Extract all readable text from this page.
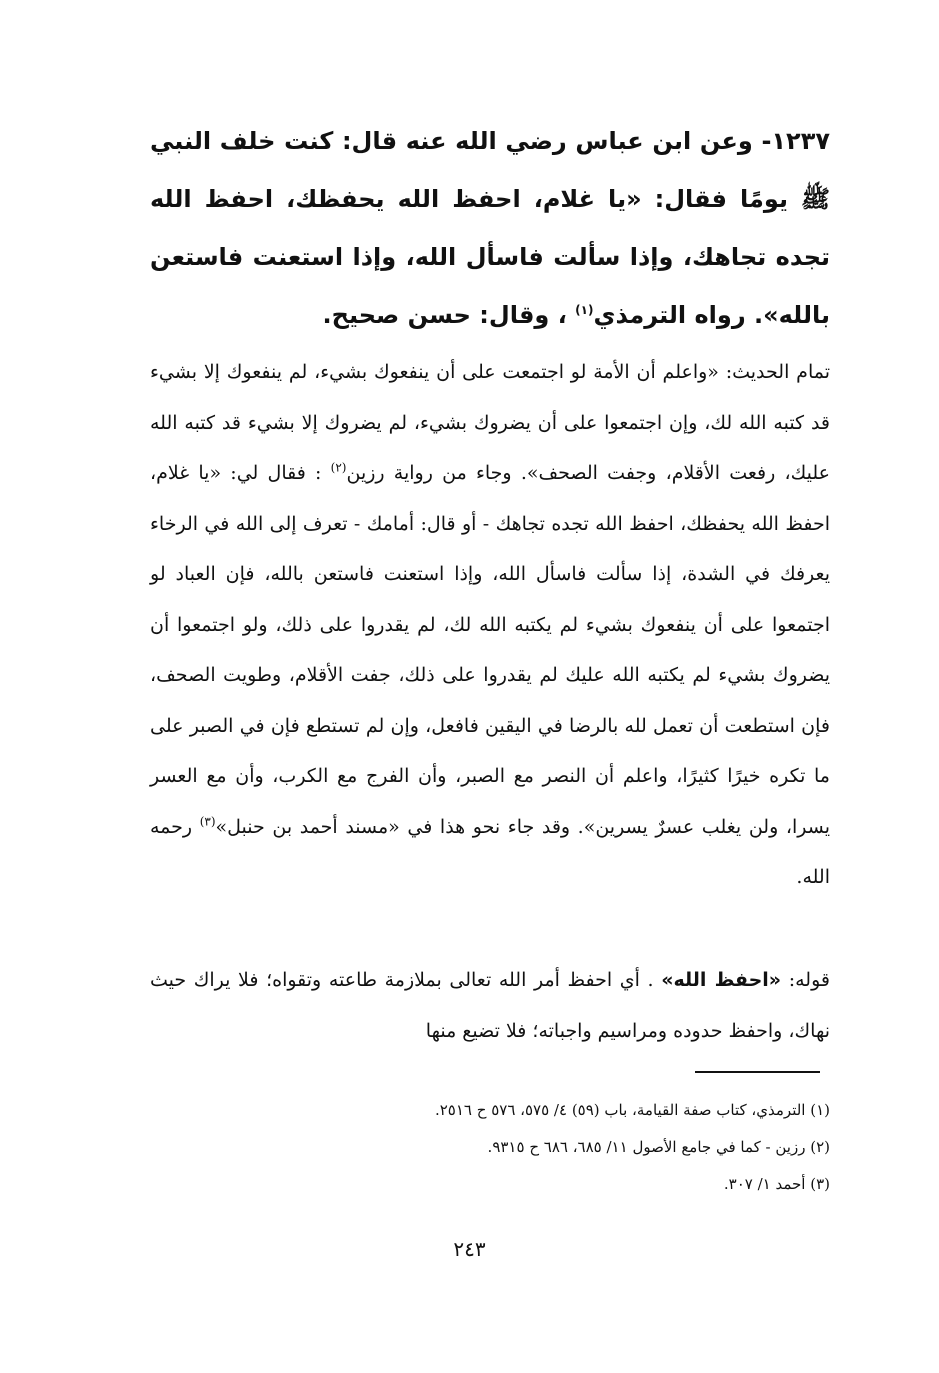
١٢٣٧- وعن ابن عباس رضي الله عنه قال: كنت خلف النبي ﷺ يومًا فقال: «يا غلام، احفظ الله يحفظك، احفظ الله تجده تجاهك، وإذا سألت فاسأل الله، وإذا استعنت فاستعن بالله». رواه الترمذي$^{(١)}$ ، وقال: حسن صحيح.

تمام الحديث: «واعلم أن الأمة لو اجتمعت على أن ينفعوك بشيء، لم ينفعوك إلا بشيء قد كتبه الله لك، وإن اجتمعوا على أن يضروك بشيء، لم يضروك إلا بشيء قد كتبه الله عليك، رفعت الأقلام، وجفت الصحف». وجاء من رواية رزين$^{(٢)}$ : فقال لي: «يا غلام، احفظ الله يحفظك، احفظ الله تجده تجاهك - أو قال: أمامك - تعرف إلى الله في الرخاء يعرفك في الشدة، إذا سألت فاسأل الله، وإذا استعنت فاستعن بالله، فإن العباد لو اجتمعوا على أن ينفعوك بشيء لم يكتبه الله لك، لم يقدروا على ذلك، ولو اجتمعوا أن يضروك بشيء لم يكتبه الله عليك لم يقدروا على ذلك، جفت الأقلام، وطويت الصحف، فإن استطعت أن تعمل لله بالرضا في اليقين فافعل، وإن لم تستطع فإن في الصبر على ما تكره خيرًا كثيرًا، واعلم أن النصر مع الصبر، وأن الفرج مع الكرب، وأن مع العسر يسرا، ولن يغلب عسرٌ يسرين». وقد جاء نحو هذا في «مسند أحمد بن حنبل»$^{(٣)}$ رحمه الله.

قوله: «احفظ الله» . أي احفظ أمر الله تعالى بملازمة طاعته وتقواه؛ فلا يراك حيث نهاك، واحفظ حدوده ومراسيم واجباته؛ فلا تضيع منها

(١) الترمذي، كتاب صفة القيامة، باب (٥٩) ٤/ ٥٧٥، ٥٧٦ ح ٢٥١٦.
(٢) رزين - كما في جامع الأصول ١١/ ٦٨٥، ٦٨٦ ح ٩٣١٥.
(٣) أحمد ١/ ٣٠٧.
٢٤٣
